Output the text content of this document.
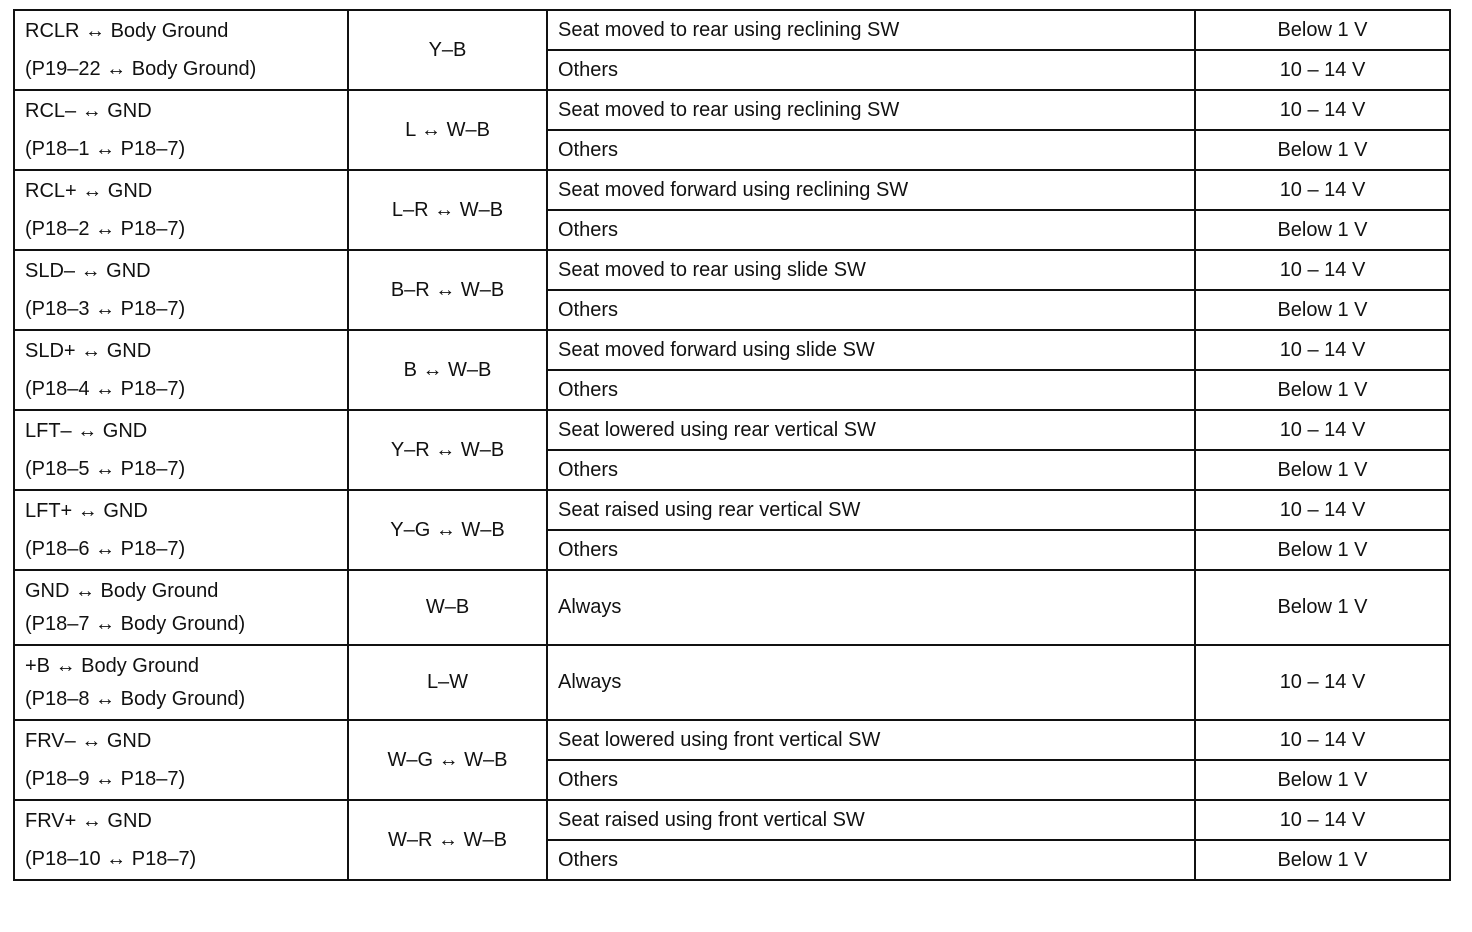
RCLR ↔ Body Ground
(P19–22 ↔ Body Ground)	Y–B	Seat moved to rear using reclining SW	Below 1 V
		Others	10 – 14 V

RCL– ↔ GND
(P18–1 ↔ P18–7)	L ↔ W–B	Seat moved to rear using reclining SW	10 – 14 V
		Others	Below 1 V

RCL+ ↔ GND
(P18–2 ↔ P18–7)	L–R ↔ W–B	Seat moved forward using reclining SW	10 – 14 V
		Others	Below 1 V

SLD– ↔ GND
(P18–3 ↔ P18–7)	B–R ↔ W–B	Seat moved to rear using slide SW	10 – 14 V
		Others	Below 1 V

SLD+ ↔ GND
(P18–4 ↔ P18–7)	B ↔ W–B	Seat moved forward using slide SW	10 – 14 V
		Others	Below 1 V

LFT– ↔ GND
(P18–5 ↔ P18–7)	Y–R ↔ W–B	Seat lowered using rear vertical SW	10 – 14 V
		Others	Below 1 V

LFT+ ↔ GND
(P18–6 ↔ P18–7)	Y–G ↔ W–B	Seat raised using rear vertical SW	10 – 14 V
		Others	Below 1 V

GND ↔ Body Ground
(P18–7 ↔ Body Ground)	W–B	Always	Below 1 V

+B ↔ Body Ground
(P18–8 ↔ Body Ground)	L–W	Always	10 – 14 V

FRV– ↔ GND
(P18–9 ↔ P18–7)	W–G ↔ W–B	Seat lowered using front vertical SW	10 – 14 V
		Others	Below 1 V

FRV+ ↔ GND
(P18–10 ↔ P18–7)	W–R ↔ W–B	Seat raised using front vertical SW	10 – 14 V
		Others	Below 1 V
